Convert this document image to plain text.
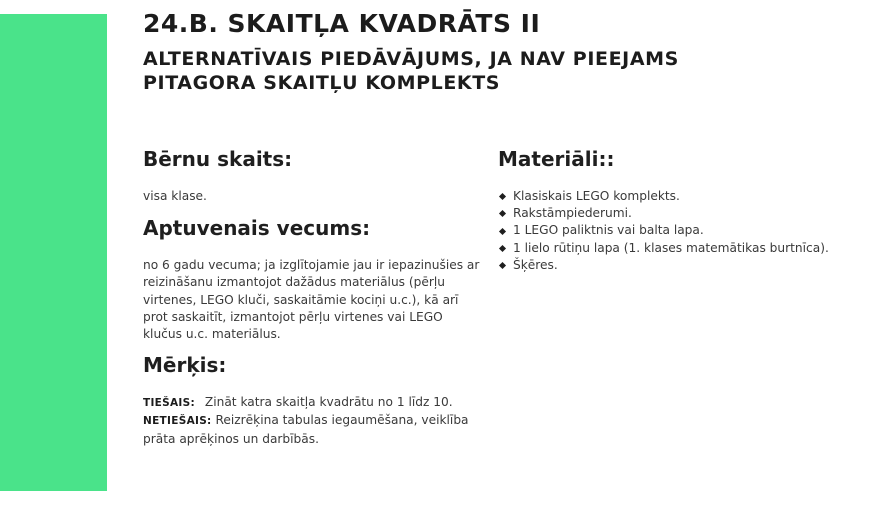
24.B. SKAITĻA KVADRĀTS II
ALTERNATĪVAIS PIEDĀVĀJUMS, JA NAV PIEEJAMS PITAGORA SKAITĻU KOMPLEKTS
Bērnu skaits:

visa klase.

Aptuvenais vecums:

no 6 gadu vecuma; ja izglītojamie jau ir iepazinušies ar reizināšanu izmantojot dažādus materiālus (pērļu virtenes, LEGO kluči, saskaitāmie kociņi u.c.), kā arī prot saskaitīt, izmantojot pērļu virtenes vai LEGO klučus u.c. materiālus.

Mērķis:
TIEŠAIS: Zināt katra skaitļa kvadrātu no 1 līdz 10.
NETIEŠAIS: Reizrēķina tabulas iegaumēšana, veiklība prāta aprēķinos un darbībās.
Materiāli::
Klasiskais LEGO komplekts.
Rakstāmpiederumi.
1 LEGO paliktnis vai balta lapa.
1 lielo rūtiņu lapa (1. klases matemātikas burtnīca).
Šķēres.
